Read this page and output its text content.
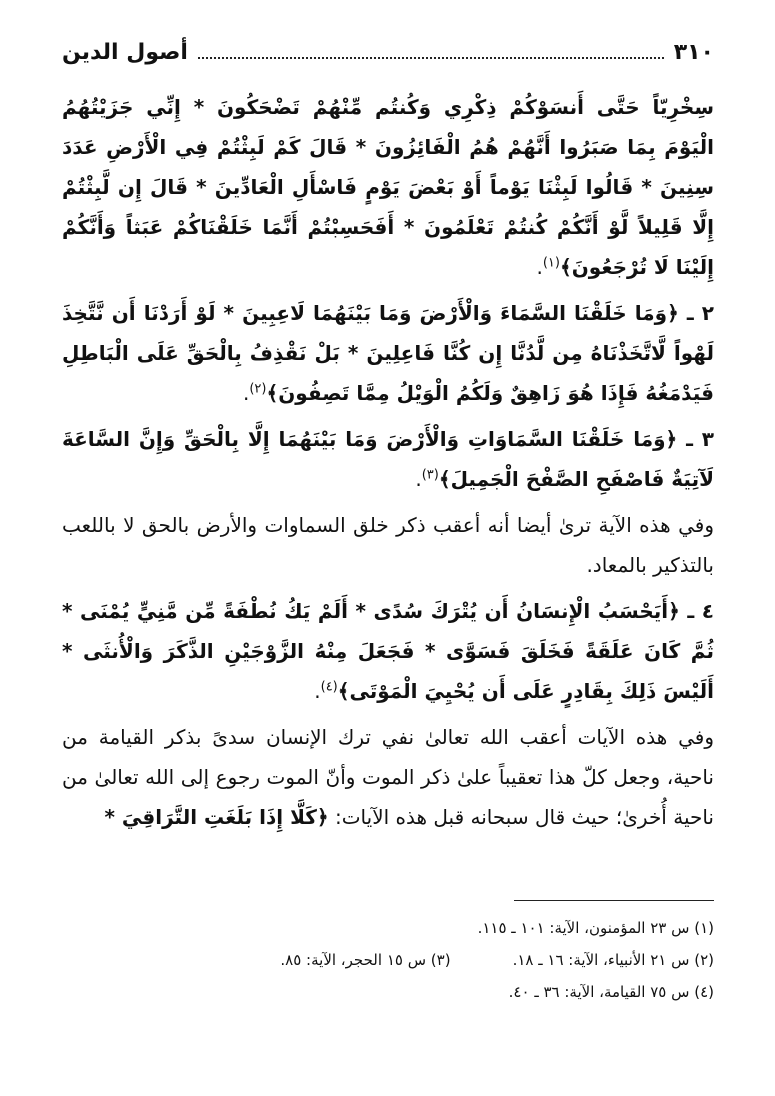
٣١٠
أصول الدين

سِخْرِيّاً حَتَّى أَنسَوْكُمْ ذِكْرِي وَكُنتُم مِّنْهُمْ تَضْحَكُونَ * إِنِّي جَزَيْتُهُمُ الْيَوْمَ بِمَا صَبَرُوا أَنَّهُمْ هُمُ الْفَائِزُونَ * قَالَ كَمْ لَبِثْتُمْ فِي الْأَرْضِ عَدَدَ سِنِينَ * قَالُوا لَبِثْنَا يَوْماً أَوْ بَعْضَ يَوْمٍ فَاسْأَلِ الْعَادِّينَ * قَالَ إِن لَّبِثْتُمْ إِلَّا قَلِيلاً لَّوْ أَنَّكُمْ كُنتُمْ تَعْلَمُونَ * أَفَحَسِبْتُمْ أَنَّمَا خَلَقْنَاكُمْ عَبَثاً وَأَنَّكُمْ إِلَيْنَا لَا تُرْجَعُونَ﴾$^{(١)}$.

٢ ـ ﴿وَمَا خَلَقْنَا السَّمَاءَ وَالْأَرْضَ وَمَا بَيْنَهُمَا لَاعِبِينَ * لَوْ أَرَدْنَا أَن نَّتَّخِذَ لَهْواً لَّاتَّخَذْنَاهُ مِن لَّدُنَّا إِن كُنَّا فَاعِلِينَ * بَلْ نَقْذِفُ بِالْحَقِّ عَلَى الْبَاطِلِ فَيَدْمَغُهُ فَإِذَا هُوَ زَاهِقٌ وَلَكُمُ الْوَيْلُ مِمَّا تَصِفُونَ﴾$^{(٢)}$.

٣ ـ ﴿وَمَا خَلَقْنَا السَّمَاوَاتِ وَالْأَرْضَ وَمَا بَيْنَهُمَا إِلَّا بِالْحَقِّ وَإِنَّ السَّاعَةَ لَآتِيَةٌ فَاصْفَحِ الصَّفْحَ الْجَمِيلَ﴾$^{(٣)}$.

وفي هذه الآية ترىٰ أيضا أنه أعقب ذكر خلق السماوات والأرض بالحق لا باللعب بالتذكير بالمعاد.

٤ ـ ﴿أَيَحْسَبُ الْإِنسَانُ أَن يُتْرَكَ سُدًى * أَلَمْ يَكُ نُطْفَةً مِّن مَّنِيٍّ يُمْنَى * ثُمَّ كَانَ عَلَقَةً فَخَلَقَ فَسَوَّى * فَجَعَلَ مِنْهُ الزَّوْجَيْنِ الذَّكَرَ وَالْأُنثَى * أَلَيْسَ ذَلِكَ بِقَادِرٍ عَلَى أَن يُحْيِيَ الْمَوْتَى﴾$^{(٤)}$.

وفي هذه الآيات أعقب الله تعالىٰ نفي ترك الإنسان سدىً بذكر القيامة من ناحية، وجعل كلّ هذا تعقيباً علىٰ ذكر الموت وأنّ الموت رجوع إلى الله تعالىٰ من ناحية أُخرىٰ؛ حيث قال سبحانه قبل هذه الآيات: ﴿كَلَّا إِذَا بَلَغَتِ التَّرَاقِيَ *

(١) س ٢٣ المؤمنون، الآية: ١٠١ ـ ١١٥.
(٢) س ٢١ الأنبياء، الآية: ١٦ ـ ١٨.
(٣) س ١٥ الحجر، الآية: ٨٥.
(٤) س ٧٥ القيامة، الآية: ٣٦ ـ ٤٠.
